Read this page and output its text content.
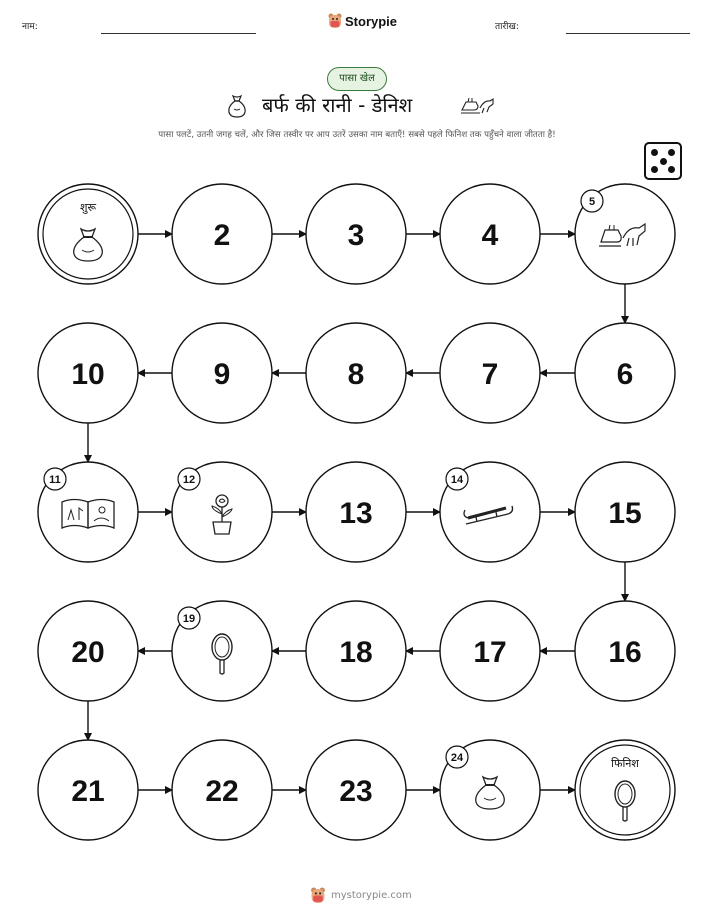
नाम:	Storypie	तारीख:
पासा खेल
बर्फ की रानी - डेनिश
पासा पलटें, उतनी जगह चलें, और जिस तस्वीर पर आप उतरें उसका नाम बताएँ! सबसे पहले फिनिश तक पहुँचने वाला जीतता है!
शुरू
2	3	4
5
10	9	8	7	6
11	12
13
14
15
20
19
18	17	16
21	22	23
24	फिनिश
mystorypie.com
